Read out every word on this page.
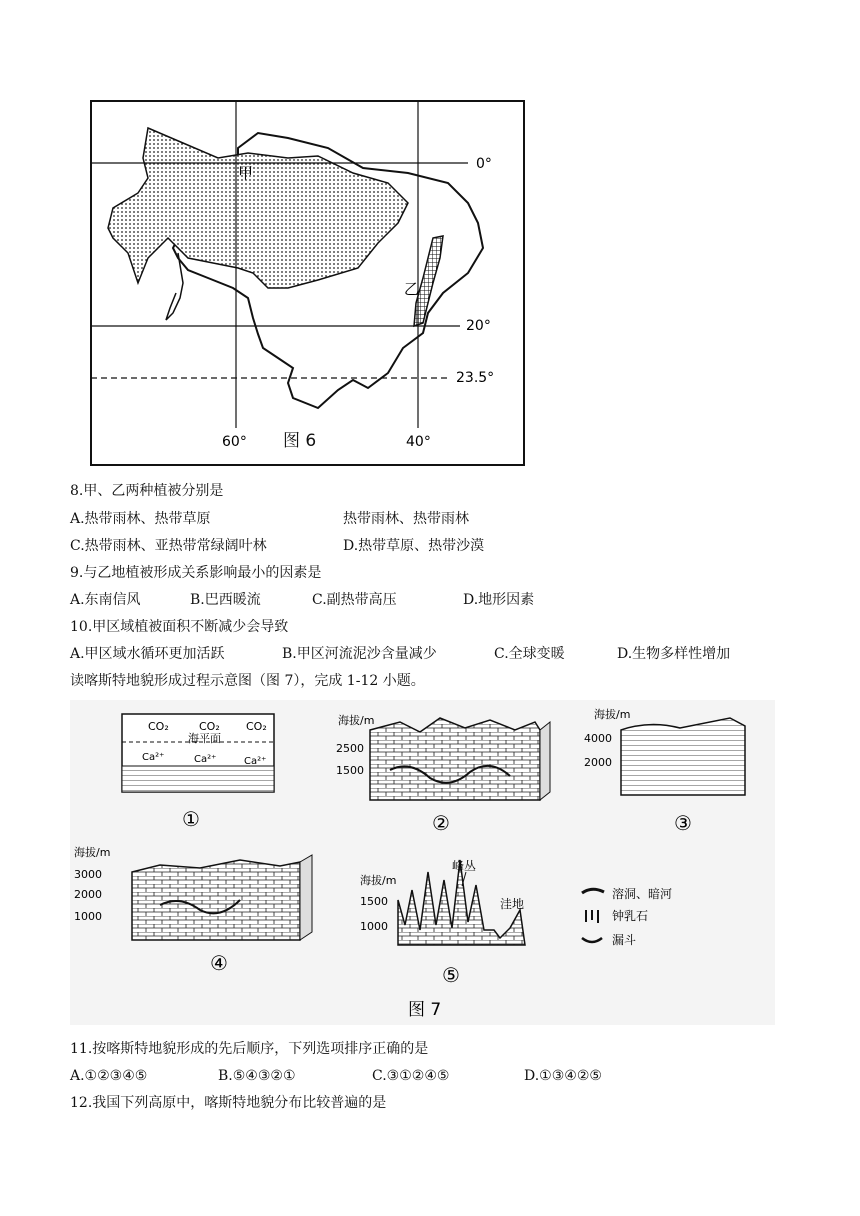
甲
乙
0°
20°
23.5°
60°	40°
图 6
8.甲、乙两种植被分别是
A.热带雨林、热带草原	热带雨林、热带雨林
C.热带雨林、亚热带常绿阔叶林	D.热带草原、热带沙漠
9.与乙地植被形成关系影响最小的因素是
A.东南信风	B.巴西暖流	C.副热带高压	D.地形因素
10.甲区域植被面积不断减少会导致
A.甲区域水循环更加活跃	B.甲区河流泥沙含量减少	C.全球变暖	D.生物多样性增加
读喀斯特地貌形成过程示意图（图 7），完成 1-12 小题。
CO₂	CO₂ CO₂
海平面
Ca²⁺	Ca²⁺	Ca²⁺
①
海拔/m
2500
1500
②
海拔/m
4000
2000
③
海拔/m
3000
2000
1000
④
海拔/m
1500
1000
峰丛
洼地
⑤
溶洞、暗河
钟乳石
漏斗
图 7
11.按喀斯特地貌形成的先后顺序，下列选项排序正确的是
A.①②③④⑤	B.⑤④③②①	C.③①②④⑤	D.①③④②⑤
12.我国下列高原中，喀斯特地貌分布比较普遍的是
